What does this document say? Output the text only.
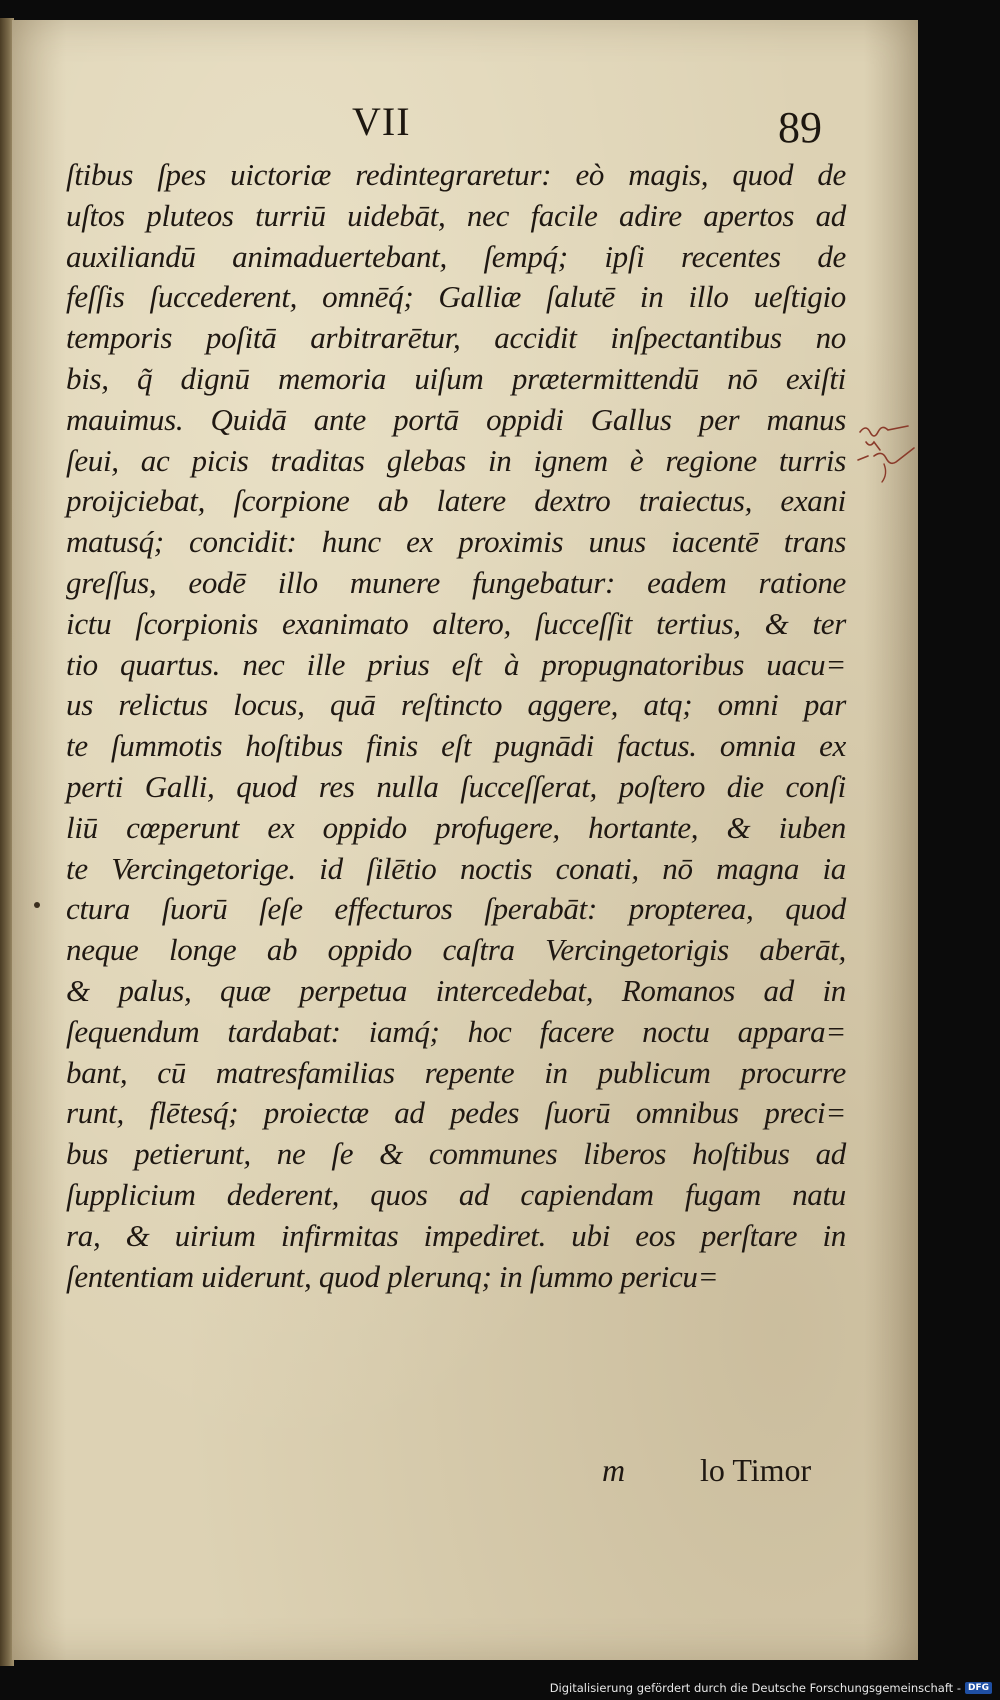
VII	89
ſtibus ſpes uictoriæ redintegraretur: eò magis, quod de
uſtos pluteos turriū uidebāt, nec facile adire apertos ad
auxiliandū animaduertebant, ſempq́; ipſi recentes de
feſſis ſuccederent, omnēq́; Galliæ ſalutē in illo ueſtigio
temporis poſitā arbitrarētur, accidit inſpectantibus no
bis, q̃ dignū memoria uiſum prætermittendū nō exiſti
mauimus. Quidā ante portā oppidi Gallus per manus
ſeui, ac picis traditas glebas in ignem è regione turris
proijciebat, ſcorpione ab latere dextro traiectus, exani
matusq́; concidit: hunc ex proximis unus iacentē trans
greſſus, eodē illo munere fungebatur: eadem ratione
ictu ſcorpionis exanimato altero, ſucceſſit tertius, & ter
tio quartus. nec ille prius eſt à propugnatoribus uacu=
us relictus locus, quā reſtincto aggere, atq; omni par
te ſummotis hoſtibus finis eſt pugnādi factus. omnia ex
perti Galli, quod res nulla ſucceſſerat, poſtero die conſi
liū cœperunt ex oppido profugere, hortante, & iuben
te Vercingetorige. id ſilētio noctis conati, nō magna ia
ctura ſuorū ſeſe effecturos ſperabāt: propterea, quod
neque longe ab oppido caſtra Vercingetorigis aberāt,
& palus, quæ perpetua intercedebat, Romanos ad in
ſequendum tardabat: iamq́; hoc facere noctu appara=
bant, cū matresfamilias repente in publicum procurre
runt, flētesq́; proiectæ ad pedes ſuorū omnibus preci=
bus petierunt, ne ſe & communes liberos hoſtibus ad
ſupplicium dederent, quos ad capiendam fugam natu
ra, & uirium infirmitas impediret. ubi eos perſtare in
ſententiam uiderunt, quod plerunq; in ſummo pericu=
m lo Timor
Digitalisierung gefördert durch die Deutsche Forschungsgemeinschaft - DFG
